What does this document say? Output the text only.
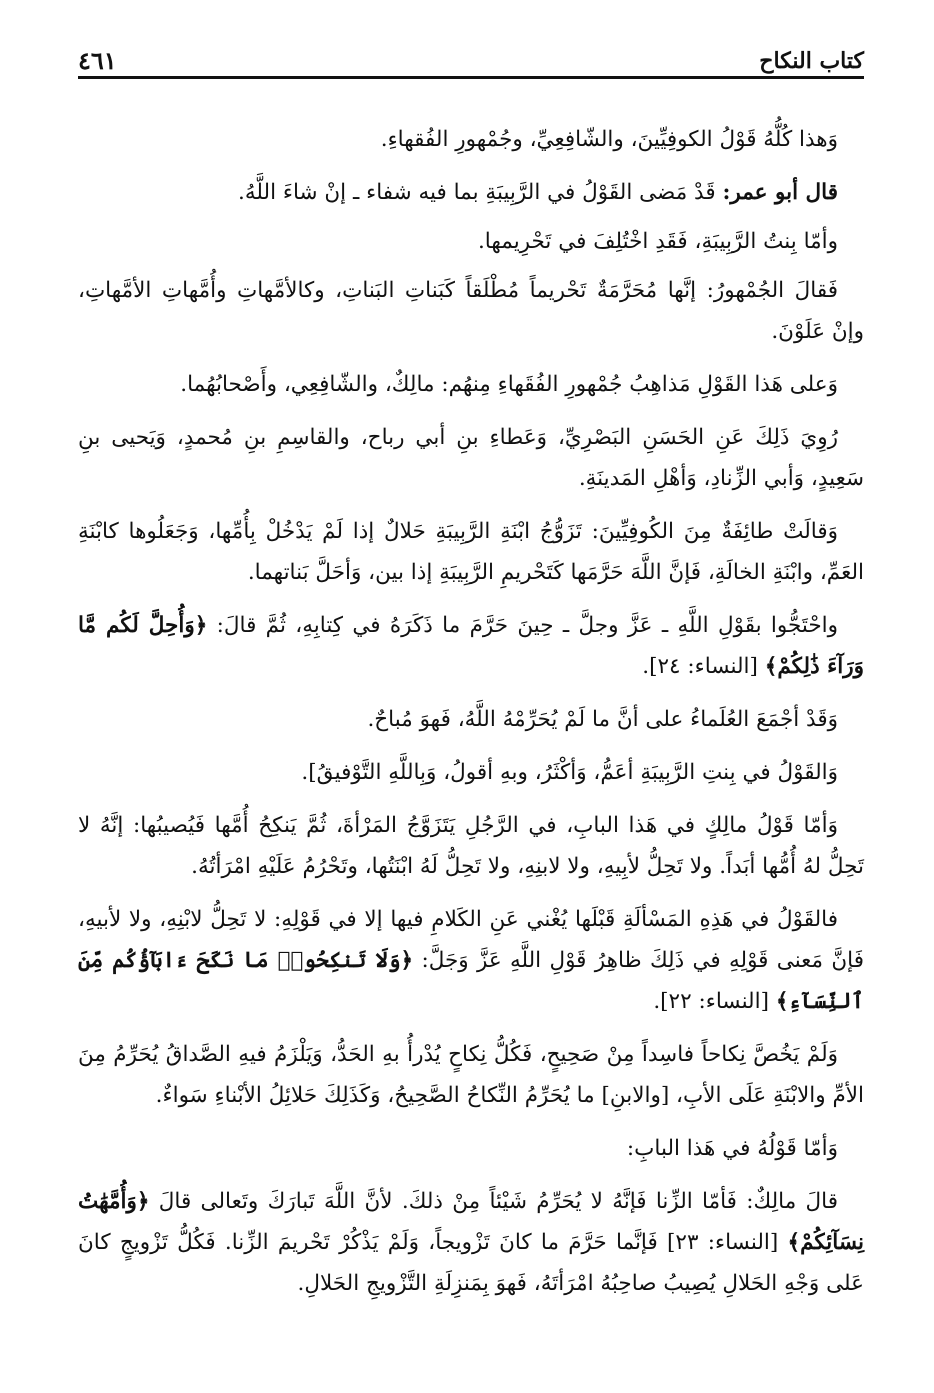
كتاب النكاح
٤٦١

وَهذا كُلُّهُ قَوْلُ الكوفِيِّينَ، والشّافِعِيِّ، وجُمْهورِ الفُقهاءِ.

قال أبو عمر: قَدْ مَضى القَوْلُ في الرَّبِيبَةِ بما فيه شفاء ـ إنْ شاءَ اللَّهُ.

وأمّا بِنتُ الرَّبِيبَةِ، فَقَدِ اخْتُلِفَ في تَحْرِيمها.

فَقالَ الجُمْهورُ: إنَّها مُحَرَّمَةٌ تَحْريماً مُطْلَقاً كَبَناتِ البَناتِ، وكالأمَّهاتِ وأُمَّهاتِ الأمَّهاتِ، وإنْ عَلَوْنَ.

وَعلى هَذا القَوْلِ مَذاهِبُ جُمْهورِ الفُقَهاءِ مِنهُم: مالِكٌ، والشّافِعِي، وأَصْحابُهُما.

رُوِيَ ذَلِكَ عَنِ الحَسَنِ البَصْرِيِّ، وَعَطاءِ بنِ أبي رباح، والقاسِمِ بنِ مُحمدٍ، وَيَحيى بنِ سَعِيدٍ، وَأبي الزِّنادِ، وَأهْلِ المَدينَةِ.

وَقالَتْ طائِفَةٌ مِنَ الكُوفِيِّينَ: تَزَوُّجُ ابْنَةِ الرَّبِيبَةِ حَلالٌ إذا لَمْ يَدْخُلْ بِأُمِّها، وَجَعَلُوها كابْنَةِ العَمِّ، وابْنَةِ الخالَةِ، فَإنَّ اللَّهَ حَرَّمَها كَتَحْريمِ الرَّبِيبَةِ إذا بين، وَأحَلَّ بَناتهما.

واحْتَجُّوا بقَوْلِ اللَّهِ ـ عَزَّ وجلَّ ـ حِينَ حَرَّمَ ما ذَكَرَهُ في كِتابِهِ، ثُمَّ قالَ: ﴿وَأُحِلَّ لَكُم مَّا وَرَآءَ ذَٰلِكُمْ﴾ [النساء: ٢٤].

وَقَدْ أجْمَعَ العُلَماءُ على أنَّ ما لَمْ يُحَرِّمْهُ اللَّهُ، فَهوَ مُباحٌ.

وَالقَوْلُ في بِنتِ الرَّبِيبَةِ أعَمُّ، وَأكْثَرُ، وبهِ أقولُ، وَبِاللَّهِ التَّوْفيقُ].

وَأمّا قَوْلُ مالِكٍ في هَذا البابِ، في الرَّجُلِ يَتَزَوَّجُ المَرْأةَ، ثُمَّ يَنكِحُ أُمَّها فَيُصيبُها: إنَّهُ لا تَحِلُّ لهُ أُمُّها أبَداً. ولا تَحِلُّ لأبِيهِ، ولا لابنِهِ، ولا تَحِلُّ لَهُ ابْنَتُها، وتَحْرُمُ عَلَيْهِ امْرَأتُهُ.

فالقَوْلُ في هَذِهِ المَسْألَةِ قَبْلَها يُغْني عَنِ الكَلامِ فيها إلا في قَوْلِهِ: لا تَحِلُّ لابْنِهِ، ولا لأبيهِ، فَإنَّ مَعنى قَوْلِهِ في ذَلِكَ ظاهِرُ قَوْلِ اللَّهِ عَزَّ وَجَلَّ: ﴿وَلَا تَنكِحُوا۟ مَا نَكَحَ ءَابَآؤُكُم مِّنَ ٱلنِّسَآءِ﴾ [النساء: ٢٢].

وَلَمْ يَخُصَّ نِكاحاً فاسِداً مِنْ صَحِيحٍ، فَكُلُّ نِكاحٍ يُدْرأُ بهِ الحَدُّ، وَيَلْزَمُ فيهِ الصَّداقُ يُحَرِّمُ مِنَ الأمِّ والابْنَةِ عَلَى الأبِ، [والابنِ] ما يُحَرِّمُ النِّكاحُ الصَّحِيحُ، وَكَذَلِكَ حَلائِلُ الأبْناءِ سَواءٌ.

وَأمّا قَوْلُهُ في هَذا البابِ:

قالَ مالِكٌ: فَأمّا الزِّنا فَإنَّهُ لا يُحَرِّمُ شَيْئاً مِنْ ذلكَ. لأنَّ اللَّهَ تَبارَكَ وتَعالى قالَ ﴿وَأُمَّهَٰتُ نِسَآئِكُمْ﴾ [النساء: ٢٣] فَإنَّما حَرَّمَ ما كانَ تَزْويجاً، وَلَمْ يَذْكُرْ تَحْريمَ الزِّنا. فَكُلُّ تَزْويجٍ كانَ عَلى وَجْهِ الحَلالِ يُصِيبُ صاحِبُهُ امْرَأتَهُ، فَهوَ بِمَنزِلَةِ التَّزْويجِ الحَلالِ.
